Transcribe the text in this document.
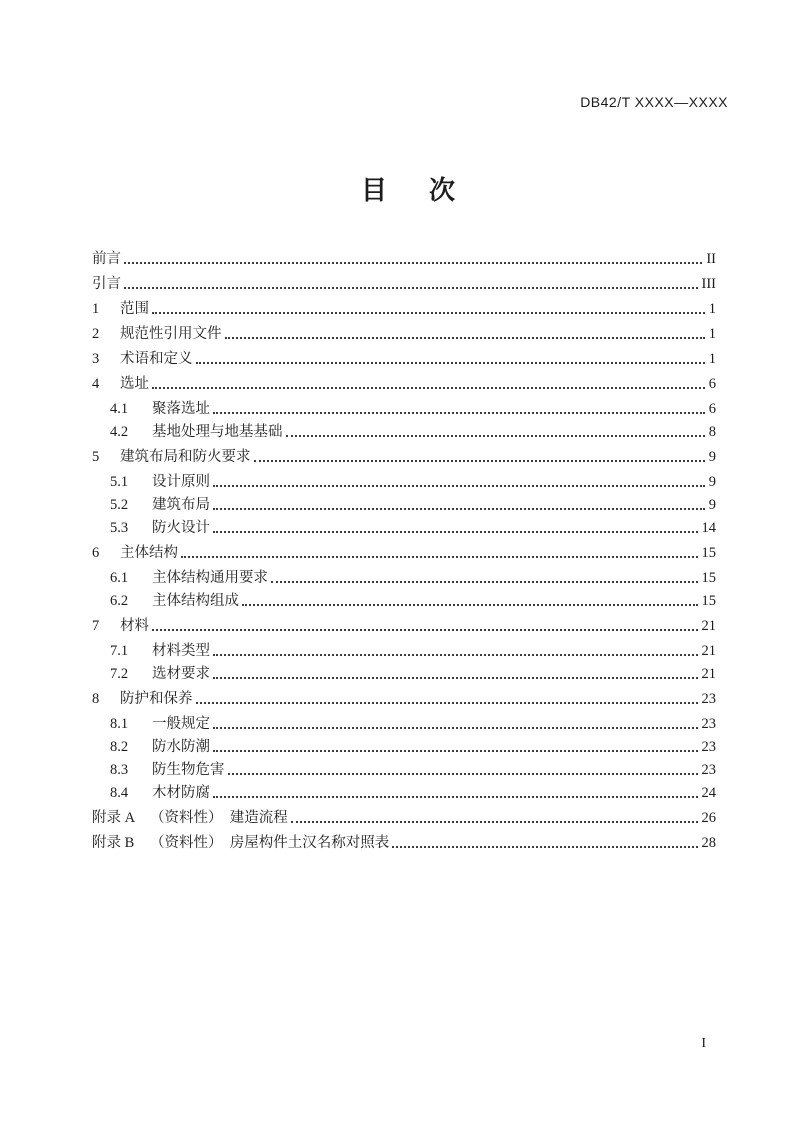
DB42/T XXXX—XXXX
目　次
前言	II
引言	III
1	范围	1
2	规范性引用文件	1
3	术语和定义	1
4	选址	6
4.1	聚落选址	6
4.2	基地处理与地基基础	8
5	建筑布局和防火要求	9
5.1	设计原则	9
5.2	建筑布局	9
5.3	防火设计	14
6	主体结构	15
6.1	主体结构通用要求	15
6.2	主体结构组成	15
7	材料	21
7.1	材料类型	21
7.2	选材要求	21
8	防护和保养	23
8.1	一般规定	23
8.2	防水防潮	23
8.3	防生物危害	23
8.4	木材防腐	24
附录 A	（资料性）　建造流程	26
附录 B	（资料性）　房屋构件土汉名称对照表	28
I
